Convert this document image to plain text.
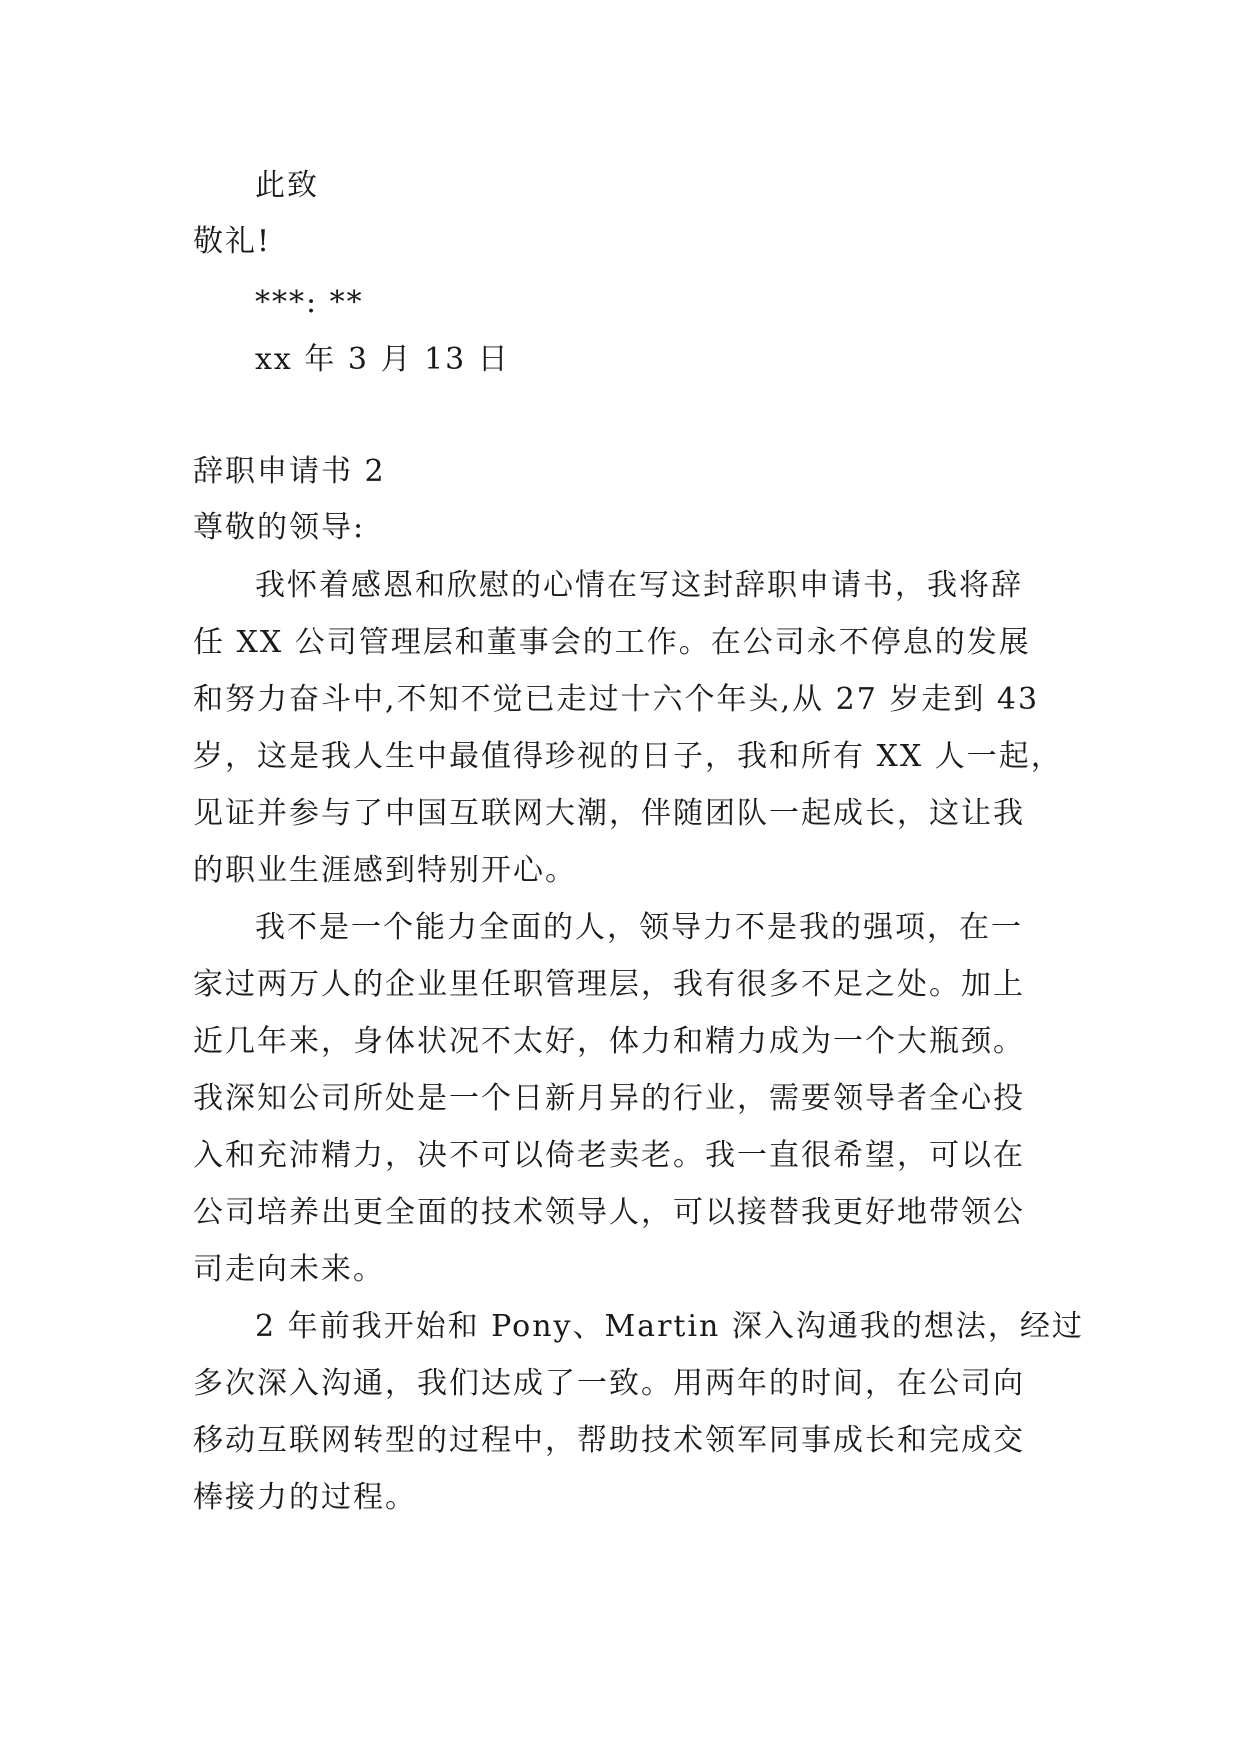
此致
敬礼!
***: **
xx 年 3 月 13 日
辞职申请书 2
尊敬的领导:
我怀着感恩和欣慰的心情在写这封辞职申请书，我将辞
任 XX 公司管理层和董事会的工作。在公司永不停息的发展
和努力奋斗中,不知不觉已走过十六个年头,从 27 岁走到 43
岁，这是我人生中最值得珍视的日子，我和所有 XX 人一起，
见证并参与了中国互联网大潮，伴随团队一起成长，这让我
的职业生涯感到特别开心。
我不是一个能力全面的人，领导力不是我的强项，在一
家过两万人的企业里任职管理层，我有很多不足之处。加上
近几年来，身体状况不太好，体力和精力成为一个大瓶颈。
我深知公司所处是一个日新月异的行业，需要领导者全心投
入和充沛精力，决不可以倚老卖老。我一直很希望，可以在
公司培养出更全面的技术领导人，可以接替我更好地带领公
司走向未来。
2 年前我开始和 Pony、Martin 深入沟通我的想法，经过
多次深入沟通，我们达成了一致。用两年的时间，在公司向
移动互联网转型的过程中，帮助技术领军同事成长和完成交
棒接力的过程。
